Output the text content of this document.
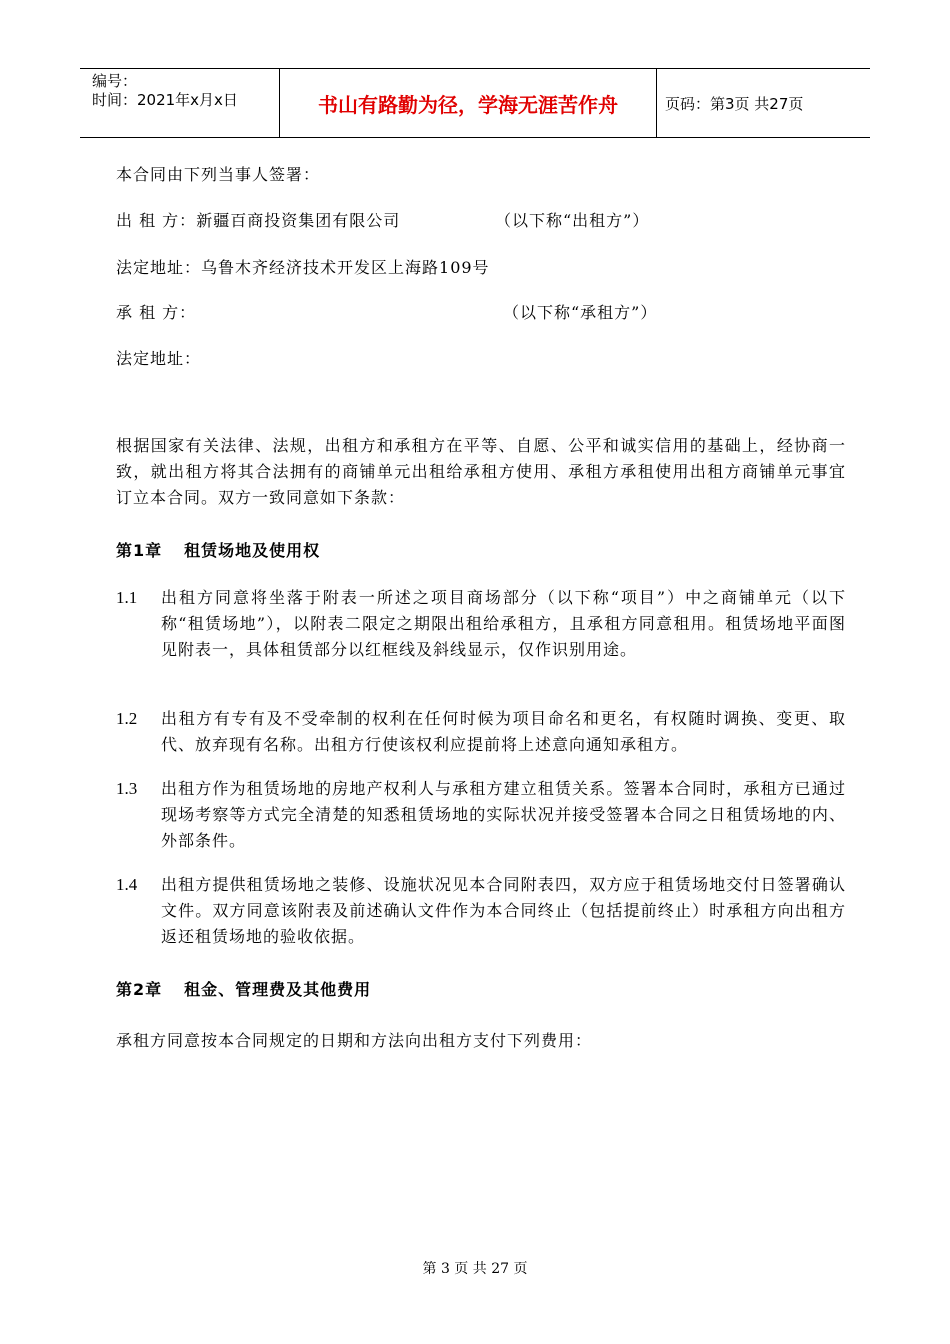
编号：
时间：2021年x月x日	书山有路勤为径，学海无涯苦作舟	页码：第3页 共27页
本合同由下列当事人签署：
出 租 方：新疆百商投资集团有限公司	（以下称“出租方”）
法定地址：乌鲁木齐经济技术开发区上海路109号
承 租 方：	（以下称“承租方”）
法定地址：
根据国家有关法律、法规，出租方和承租方在平等、自愿、公平和诚实信用的基础上，经协商一致，就出租方将其合法拥有的商铺单元出租给承租方使用、承租方承租使用出租方商铺单元事宜订立本合同。双方一致同意如下条款：
第1章 租赁场地及使用权
1.1 出租方同意将坐落于附表一所述之项目商场部分（以下称“项目”）中之商铺单元（以下称“租赁场地”），以附表二限定之期限出租给承租方，且承租方同意租用。租赁场地平面图见附表一，具体租赁部分以红框线及斜线显示，仅作识别用途。
1.2 出租方有专有及不受牵制的权利在任何时候为项目命名和更名，有权随时调换、变更、取代、放弃现有名称。出租方行使该权利应提前将上述意向通知承租方。
1.3 出租方作为租赁场地的房地产权利人与承租方建立租赁关系。签署本合同时，承租方已通过现场考察等方式完全清楚的知悉租赁场地的实际状况并接受签署本合同之日租赁场地的内、外部条件。
1.4 出租方提供租赁场地之装修、设施状况见本合同附表四，双方应于租赁场地交付日签署确认文件。双方同意该附表及前述确认文件作为本合同终止（包括提前终止）时承租方向出租方返还租赁场地的验收依据。
第2章 租金、管理费及其他费用
承租方同意按本合同规定的日期和方法向出租方支付下列费用：
第 3 页 共 27 页
